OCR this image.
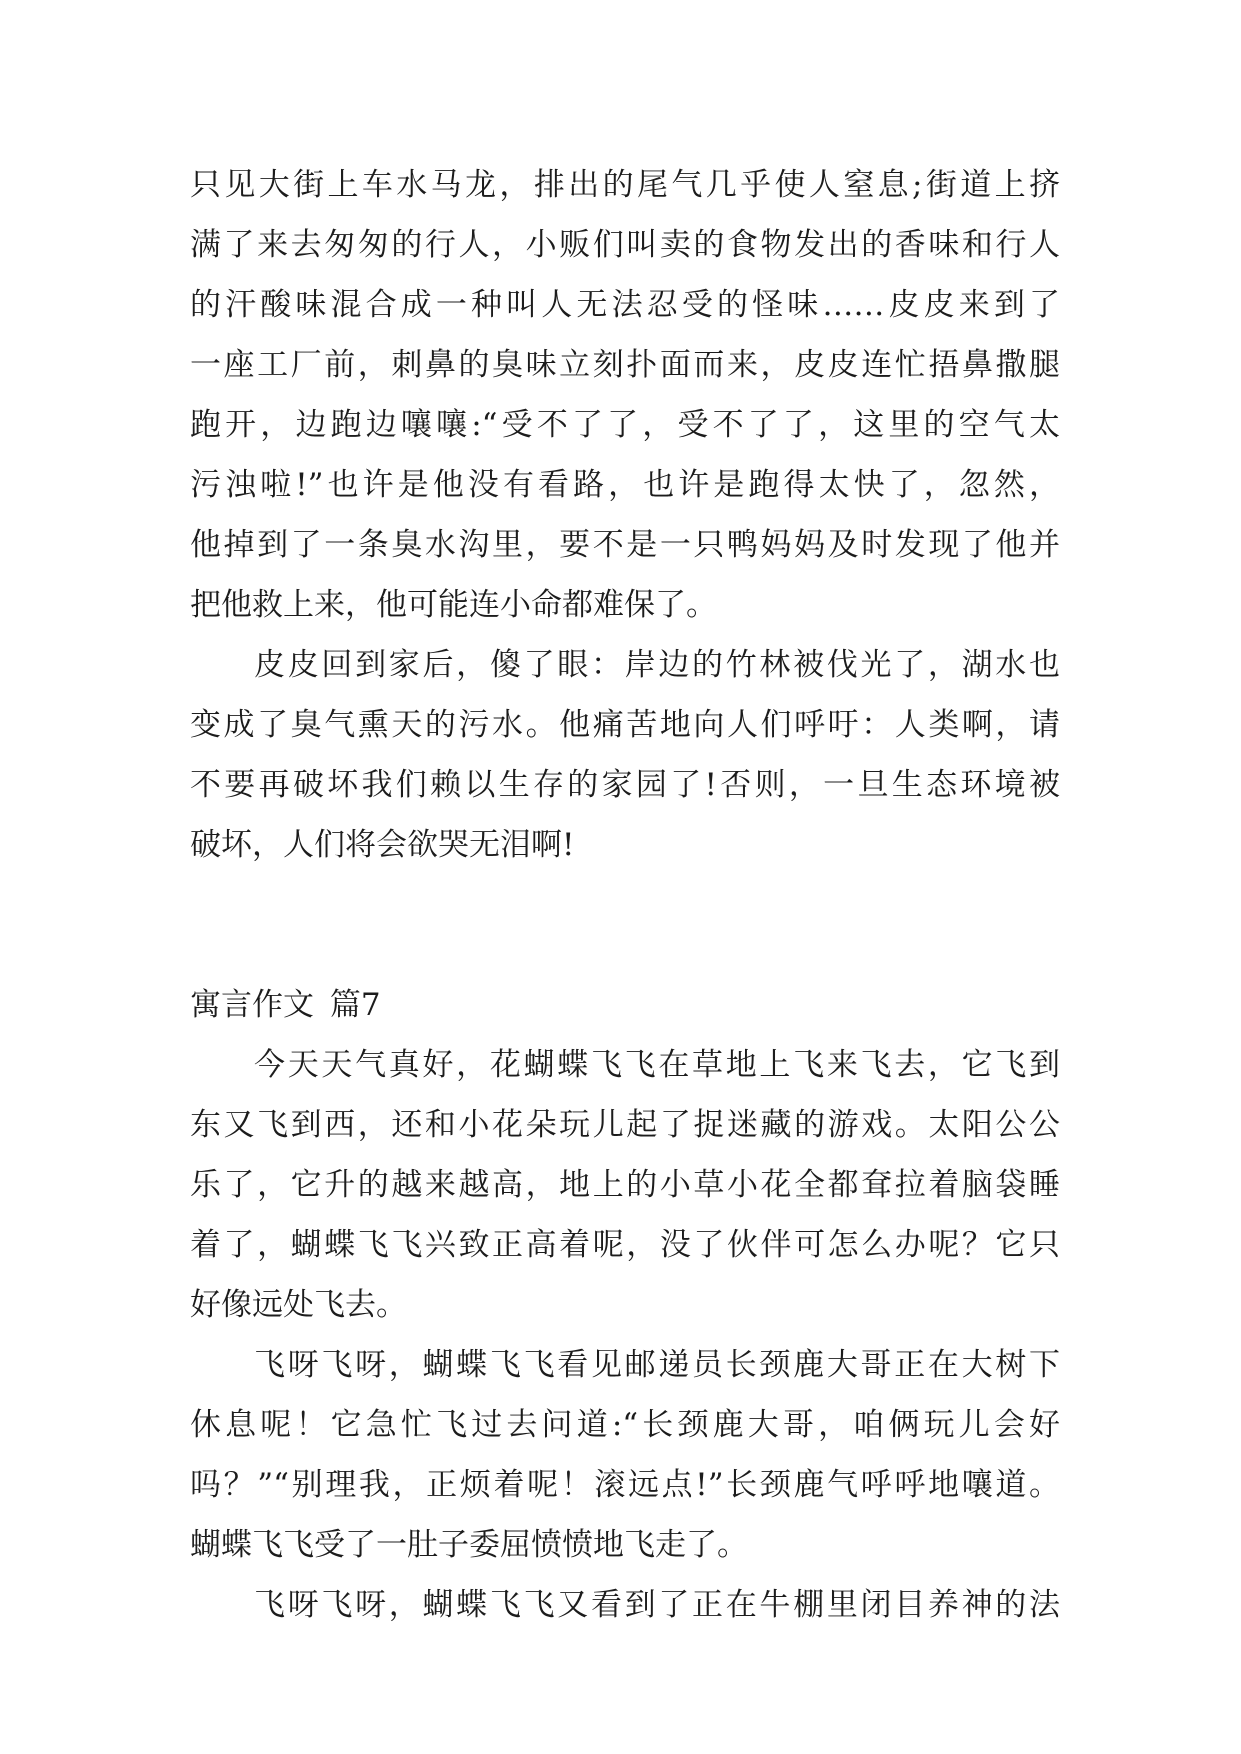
只见大街上车水马龙，排出的尾气几乎使人窒息;街道上挤
满了来去匆匆的行人，小贩们叫卖的食物发出的香味和行人
的汗酸味混合成一种叫人无法忍受的怪味……皮皮来到了
一座工厂前，刺鼻的臭味立刻扑面而来，皮皮连忙捂鼻撒腿
跑开，边跑边嚷嚷:“受不了了，受不了了，这里的空气太
污浊啦!”也许是他没有看路，也许是跑得太快了，忽然，
他掉到了一条臭水沟里，要不是一只鸭妈妈及时发现了他并
把他救上来，他可能连小命都难保了。
皮皮回到家后，傻了眼：岸边的竹林被伐光了，湖水也
变成了臭气熏天的污水。他痛苦地向人们呼吁：人类啊，请
不要再破坏我们赖以生存的家园了!否则，一旦生态环境被
破坏，人们将会欲哭无泪啊!
寓言作文 篇7
今天天气真好，花蝴蝶飞飞在草地上飞来飞去，它飞到
东又飞到西，还和小花朵玩儿起了捉迷藏的游戏。太阳公公
乐了，它升的越来越高，地上的小草小花全都耷拉着脑袋睡
着了，蝴蝶飞飞兴致正高着呢，没了伙伴可怎么办呢？它只
好像远处飞去。
飞呀飞呀，蝴蝶飞飞看见邮递员长颈鹿大哥正在大树下
休息呢！它急忙飞过去问道:“长颈鹿大哥，咱俩玩儿会好
吗？”“别理我，正烦着呢！滚远点!”长颈鹿气呼呼地嚷道。
蝴蝶飞飞受了一肚子委屈愤愤地飞走了。
飞呀飞呀，蝴蝶飞飞又看到了正在牛棚里闭目养神的法
